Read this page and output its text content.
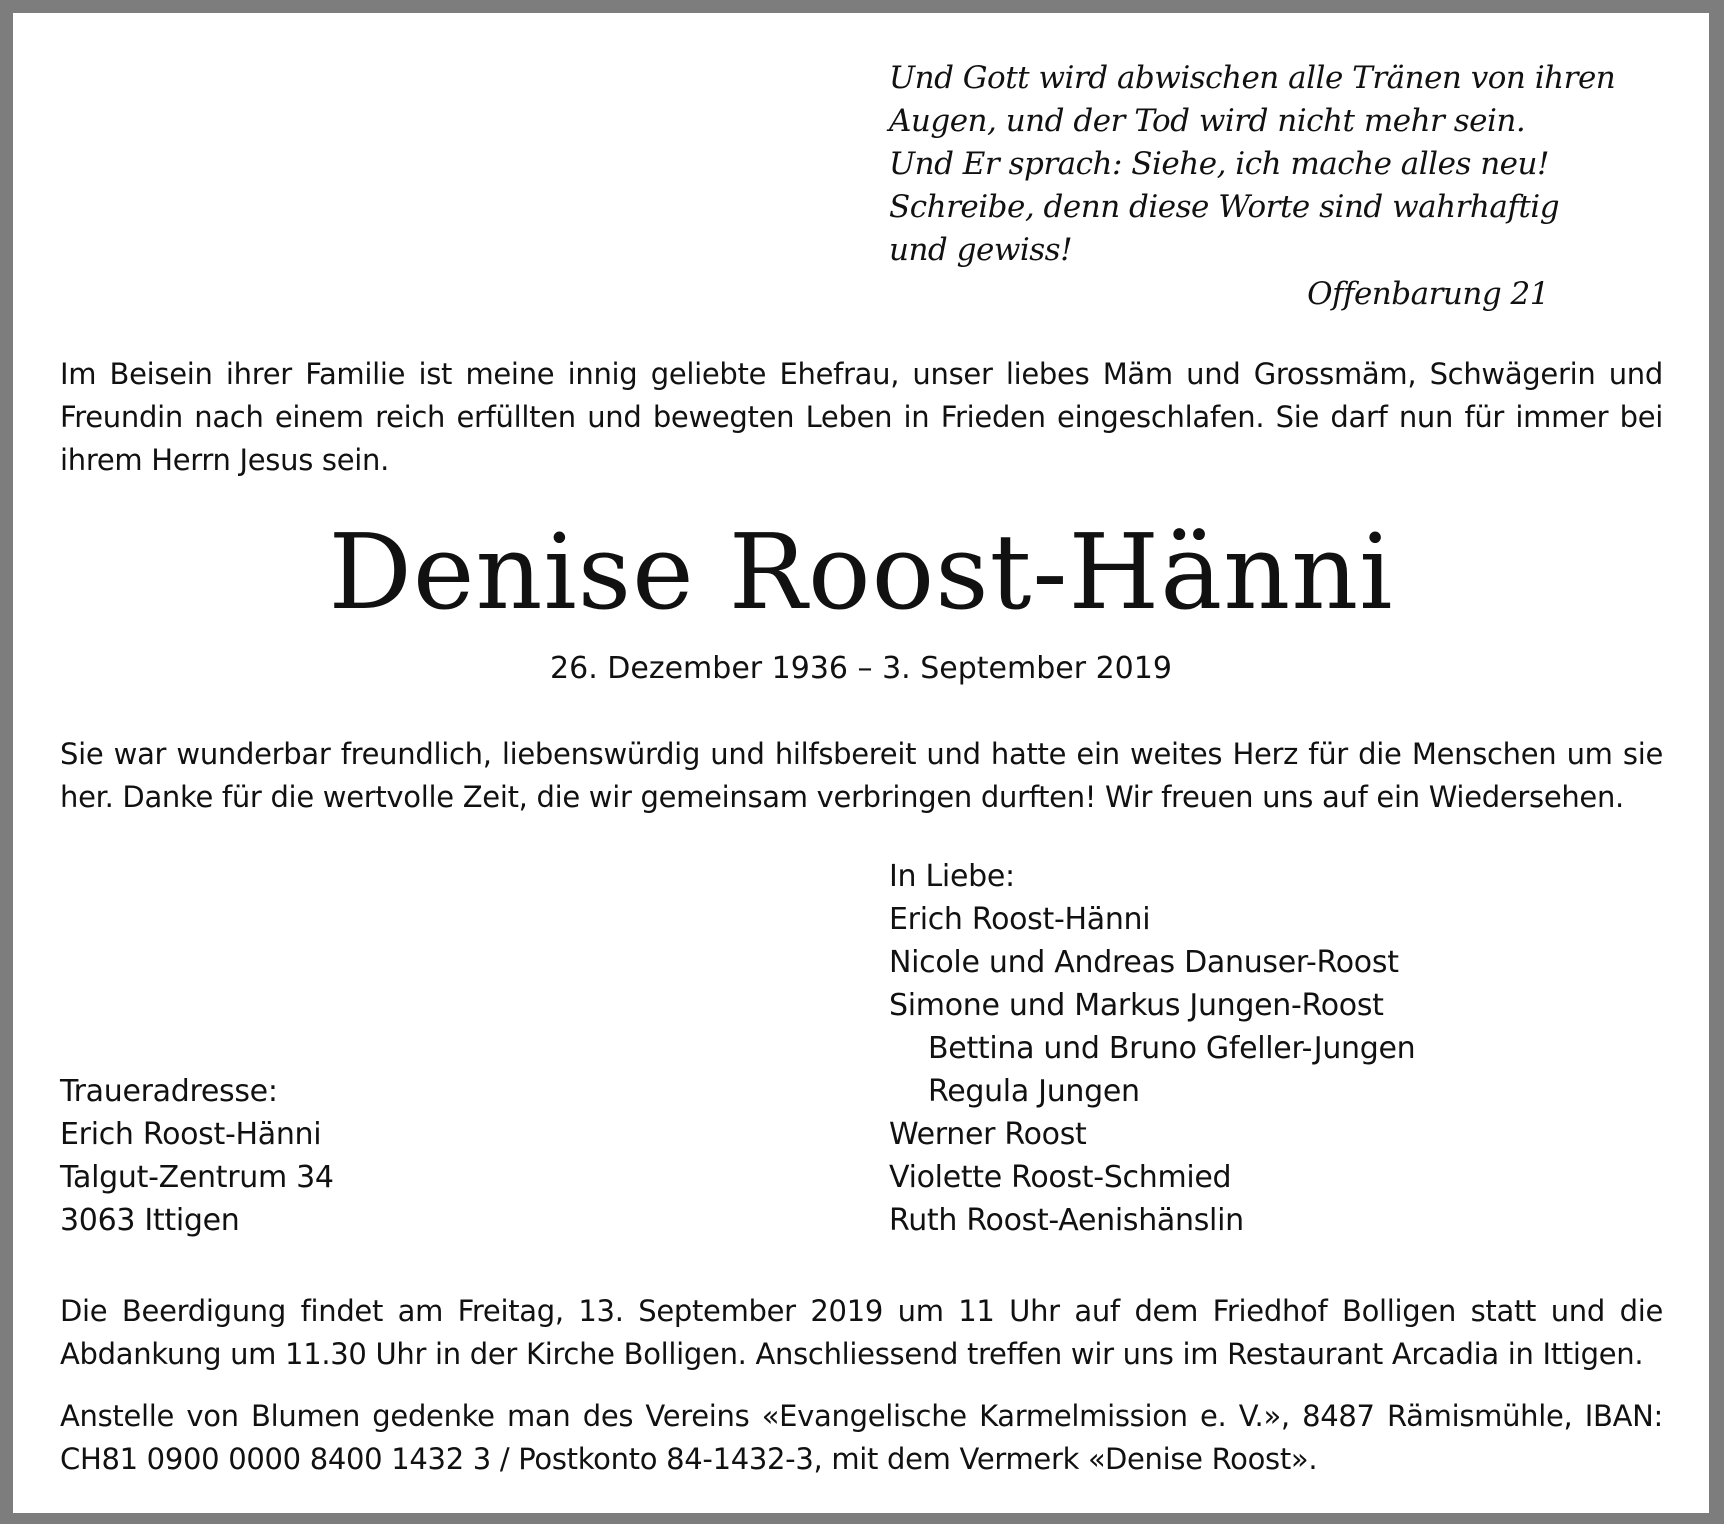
Und Gott wird abwischen alle Tränen von ihren
Augen, und der Tod wird nicht mehr sein.
Und Er sprach: Siehe, ich mache alles neu!
Schreibe, denn diese Worte sind wahrhaftig
und gewiss!
Offenbarung 21
Im Beisein ihrer Familie ist meine innig geliebte Ehefrau, unser liebes Mäm und Grossmäm, Schwägerin und
Freundin nach einem reich erfüllten und bewegten Leben in Frieden eingeschlafen. Sie darf nun für immer bei
ihrem Herrn Jesus sein.
Denise Roost-Hänni
26. Dezember 1936 – 3. September 2019
Sie war wunderbar freundlich, liebenswürdig und hilfsbereit und hatte ein weites Herz für die Menschen um sie
her. Danke für die wertvolle Zeit, die wir gemeinsam verbringen durften! Wir freuen uns auf ein Wiedersehen.
In Liebe:
Erich Roost-Hänni
Nicole und Andreas Danuser-Roost
Simone und Markus Jungen-Roost
Bettina und Bruno Gfeller-Jungen
Regula Jungen
Werner Roost
Violette Roost-Schmied
Ruth Roost-Aenishänslin
Traueradresse:
Erich Roost-Hänni
Talgut-Zentrum 34
3063 Ittigen
Die Beerdigung findet am Freitag, 13. September 2019 um 11 Uhr auf dem Friedhof Bolligen statt und die
Abdankung um 11.30 Uhr in der Kirche Bolligen. Anschliessend treffen wir uns im Restaurant Arcadia in Ittigen.
Anstelle von Blumen gedenke man des Vereins «Evangelische Karmelmission e. V.», 8487 Rämismühle, IBAN:
CH81 0900 0000 8400 1432 3 / Postkonto 84-1432-3, mit dem Vermerk «Denise Roost».
